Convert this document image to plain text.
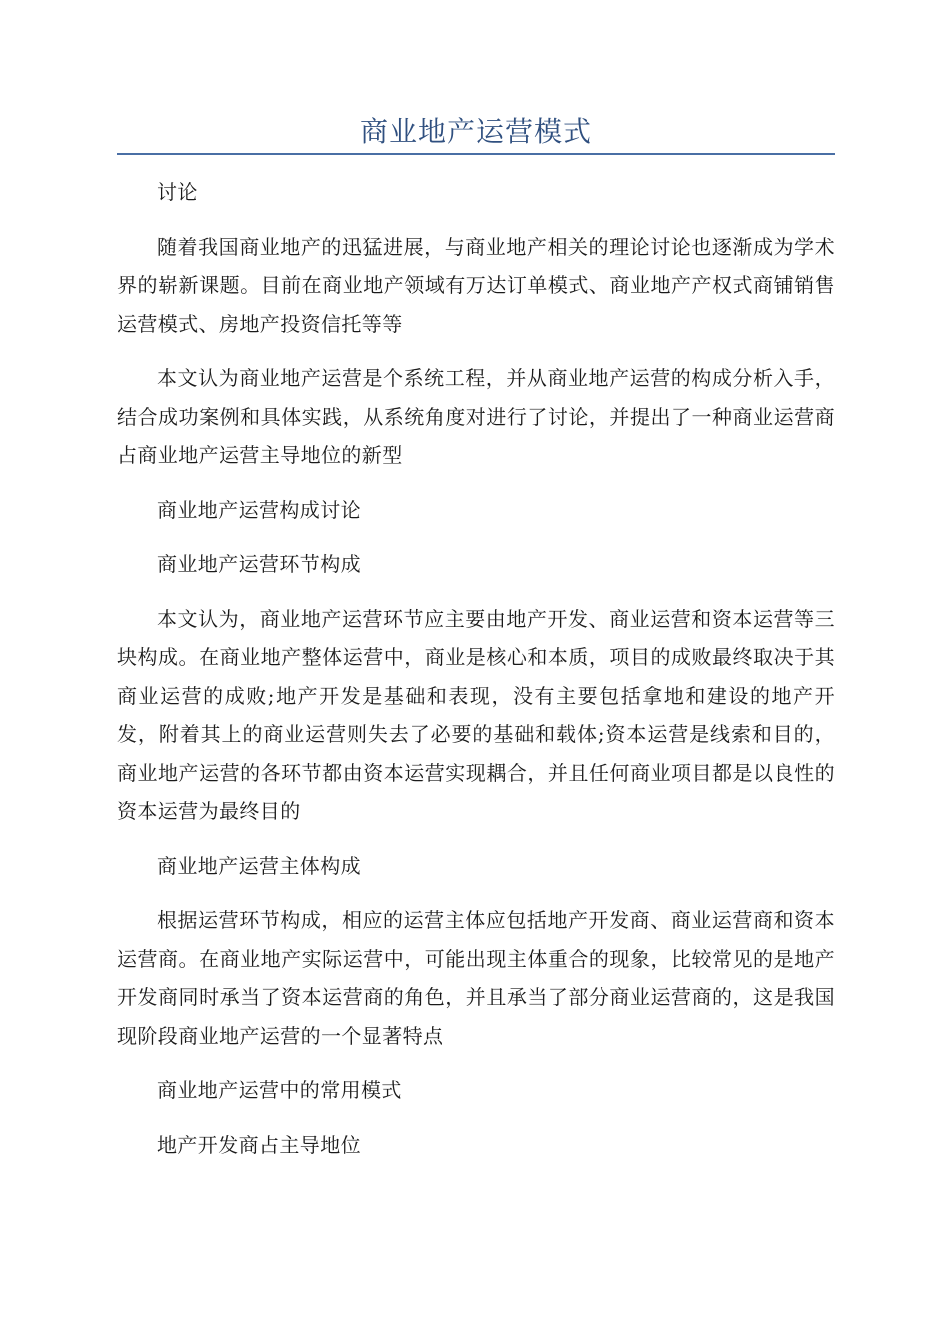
商业地产运营模式

讨论

随着我国商业地产的迅猛进展，与商业地产相关的理论讨论也逐渐成为学术界的崭新课题。目前在商业地产领域有万达订单模式、商业地产产权式商铺销售运营模式、房地产投资信托等等

本文认为商业地产运营是个系统工程，并从商业地产运营的构成分析入手，结合成功案例和具体实践，从系统角度对进行了讨论，并提出了一种商业运营商占商业地产运营主导地位的新型

商业地产运营构成讨论

商业地产运营环节构成

本文认为，商业地产运营环节应主要由地产开发、商业运营和资本运营等三块构成。在商业地产整体运营中，商业是核心和本质，项目的成败最终取决于其商业运营的成败;地产开发是基础和表现，没有主要包括拿地和建设的地产开发，附着其上的商业运营则失去了必要的基础和载体;资本运营是线索和目的，商业地产运营的各环节都由资本运营实现耦合，并且任何商业项目都是以良性的资本运营为最终目的

商业地产运营主体构成

根据运营环节构成，相应的运营主体应包括地产开发商、商业运营商和资本运营商。在商业地产实际运营中，可能出现主体重合的现象，比较常见的是地产开发商同时承当了资本运营商的角色，并且承当了部分商业运营商的，这是我国现阶段商业地产运营的一个显著特点

商业地产运营中的常用模式

地产开发商占主导地位
